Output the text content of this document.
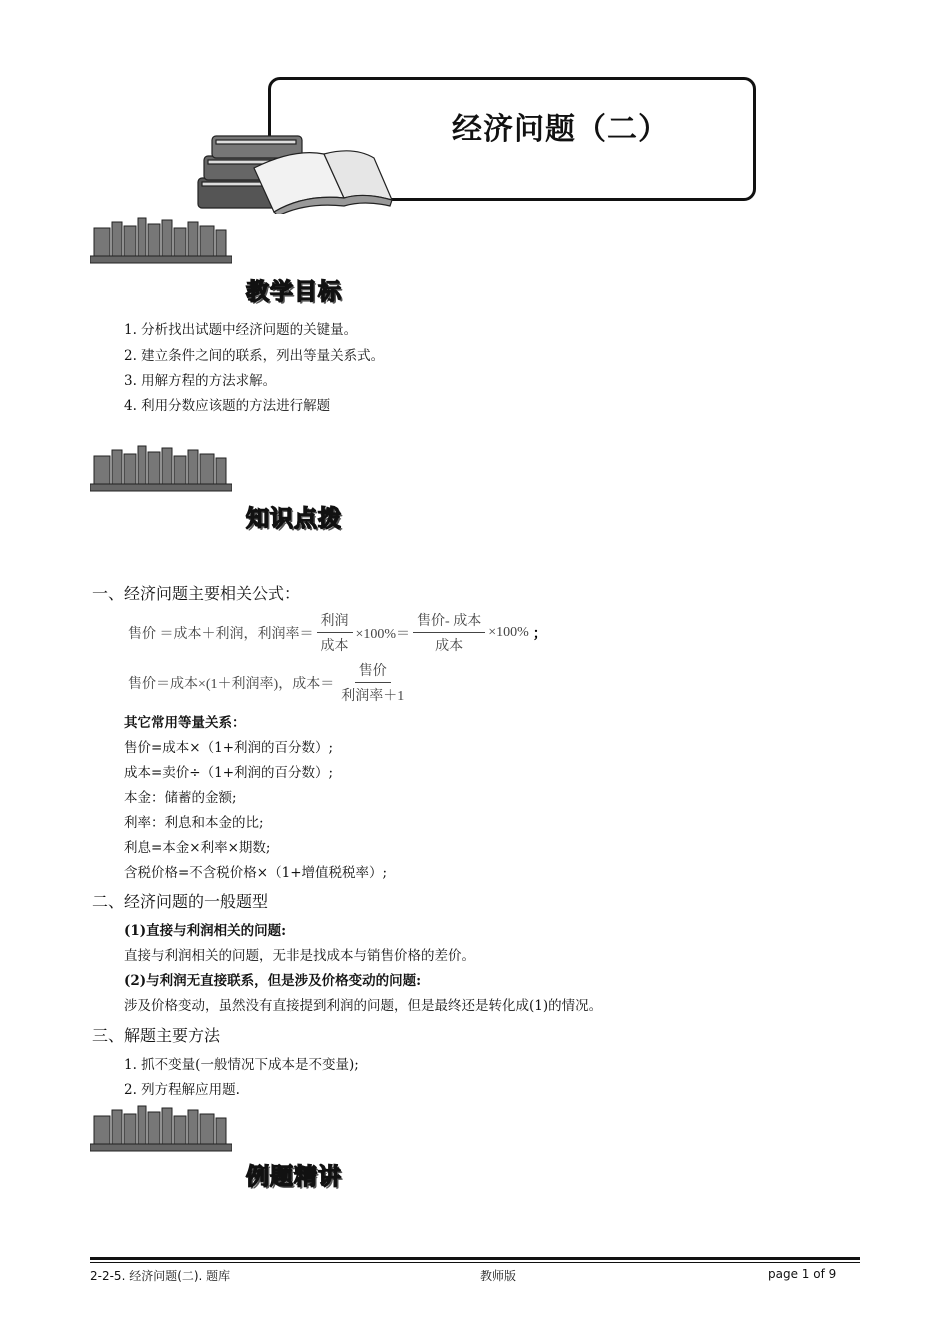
经济问题（二）
教学目标
1. 分析找出试题中经济问题的关键量。
2. 建立条件之间的联系，列出等量关系式。
3. 用解方程的方法求解。
4. 利用分数应该题的方法进行解题
知识点拨
一、经济问题主要相关公式：
售价 ＝成本＋利润，利润率＝ $\frac{\text{利润}}{\text{成本}} \times 100\%= \frac{\text{售价- 成本}}{\text{成本}} \times 100\%$ ；
售价＝成本×(1＋利润率)，成本＝ $\frac{\text{售价}}{\text{利润率＋1}}$
其它常用等量关系：
售价=成本×（1+利润的百分数）;
成本=卖价÷（1+利润的百分数）;
本金：储蓄的金额;
利率：利息和本金的比;
利息=本金×利率×期数;
含税价格=不含税价格×（1+增值税税率）;
二、经济问题的一般题型
(1)直接与利润相关的问题:
直接与利润相关的问题，无非是找成本与销售价格的差价。
(2)与利润无直接联系，但是涉及价格变动的问题:
涉及价格变动，虽然没有直接提到利润的问题，但是最终还是转化成(1)的情况。
三、解题主要方法
1. 抓不变量(一般情况下成本是不变量);
2. 列方程解应用题.
例题精讲
2-2-5. 经济问题(二). 题库	教师版	page 1 of 9
